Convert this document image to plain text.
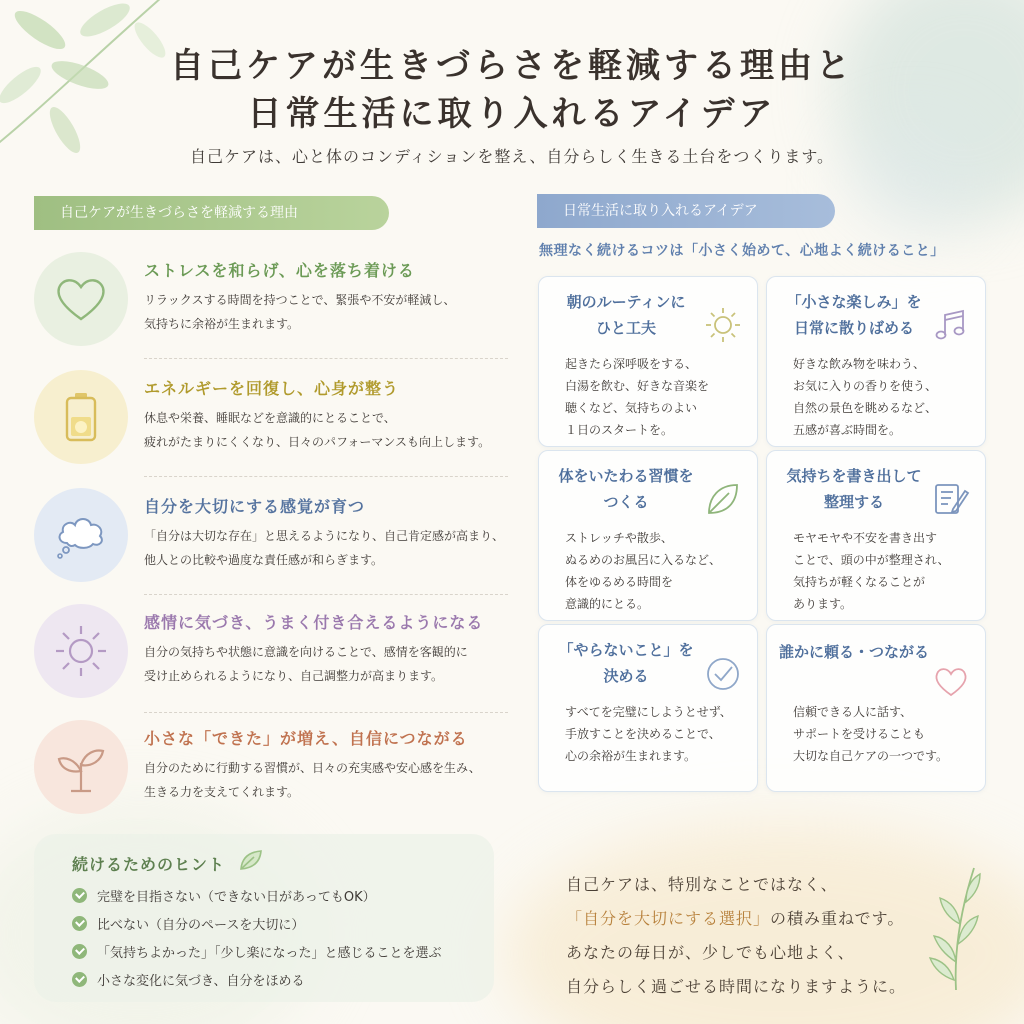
自己ケアが生きづらさを軽減する理由と
日常生活に取り入れるアイデア
自己ケアは、心と体のコンディションを整え、自分らしく生きる土台をつくります。
自己ケアが生きづらさを軽減する理由	日常生活に取り入れるアイデア
ストレスを和らげ、心を落ち着ける
リラックスする時間を持つことで、緊張や不安が軽減し、
気持ちに余裕が生まれます。
エネルギーを回復し、心身が整う
休息や栄養、睡眠などを意識的にとることで、
疲れがたまりにくくなり、日々のパフォーマンスも向上します。
自分を大切にする感覚が育つ
「自分は大切な存在」と思えるようになり、自己肯定感が高まり、
他人との比較や過度な責任感が和らぎます。
感情に気づき、うまく付き合えるようになる
自分の気持ちや状態に意識を向けることで、感情を客観的に
受け止められるようになり、自己調整力が高まります。
小さな「できた」が増え、自信につながる
自分のために行動する習慣が、日々の充実感や安心感を生み、
生きる力を支えてくれます。
無理なく続けるコツは「小さく始めて、心地よく続けること」
朝のルーティンに
ひと工夫
起きたら深呼吸をする、
白湯を飲む、好きな音楽を
聴くなど、気持ちのよい
１日のスタートを。
「小さな楽しみ」を
日常に散りばめる
好きな飲み物を味わう、
お気に入りの香りを使う、
自然の景色を眺めるなど、
五感が喜ぶ時間を。
体をいたわる習慣を
つくる
ストレッチや散歩、
ぬるめのお風呂に入るなど、
体をゆるめる時間を
意識的にとる。
気持ちを書き出して
整理する
モヤモヤや不安を書き出す
ことで、頭の中が整理され、
気持ちが軽くなることが
あります。
「やらないこと」を
決める
すべてを完璧にしようとせず、
手放すことを決めることで、
心の余裕が生まれます。
誰かに頼る・つながる
信頼できる人に話す、
サポートを受けることも
大切な自己ケアの一つです。
続けるためのヒント
完璧を目指さない（できない日があってもOK）
比べない（自分のペースを大切に）
「気持ちよかった」「少し楽になった」と感じることを選ぶ
小さな変化に気づき、自分をほめる
自己ケアは、特別なことではなく、
「自分を大切にする選択」の積み重ねです。
あなたの毎日が、少しでも心地よく、
自分らしく過ごせる時間になりますように。
